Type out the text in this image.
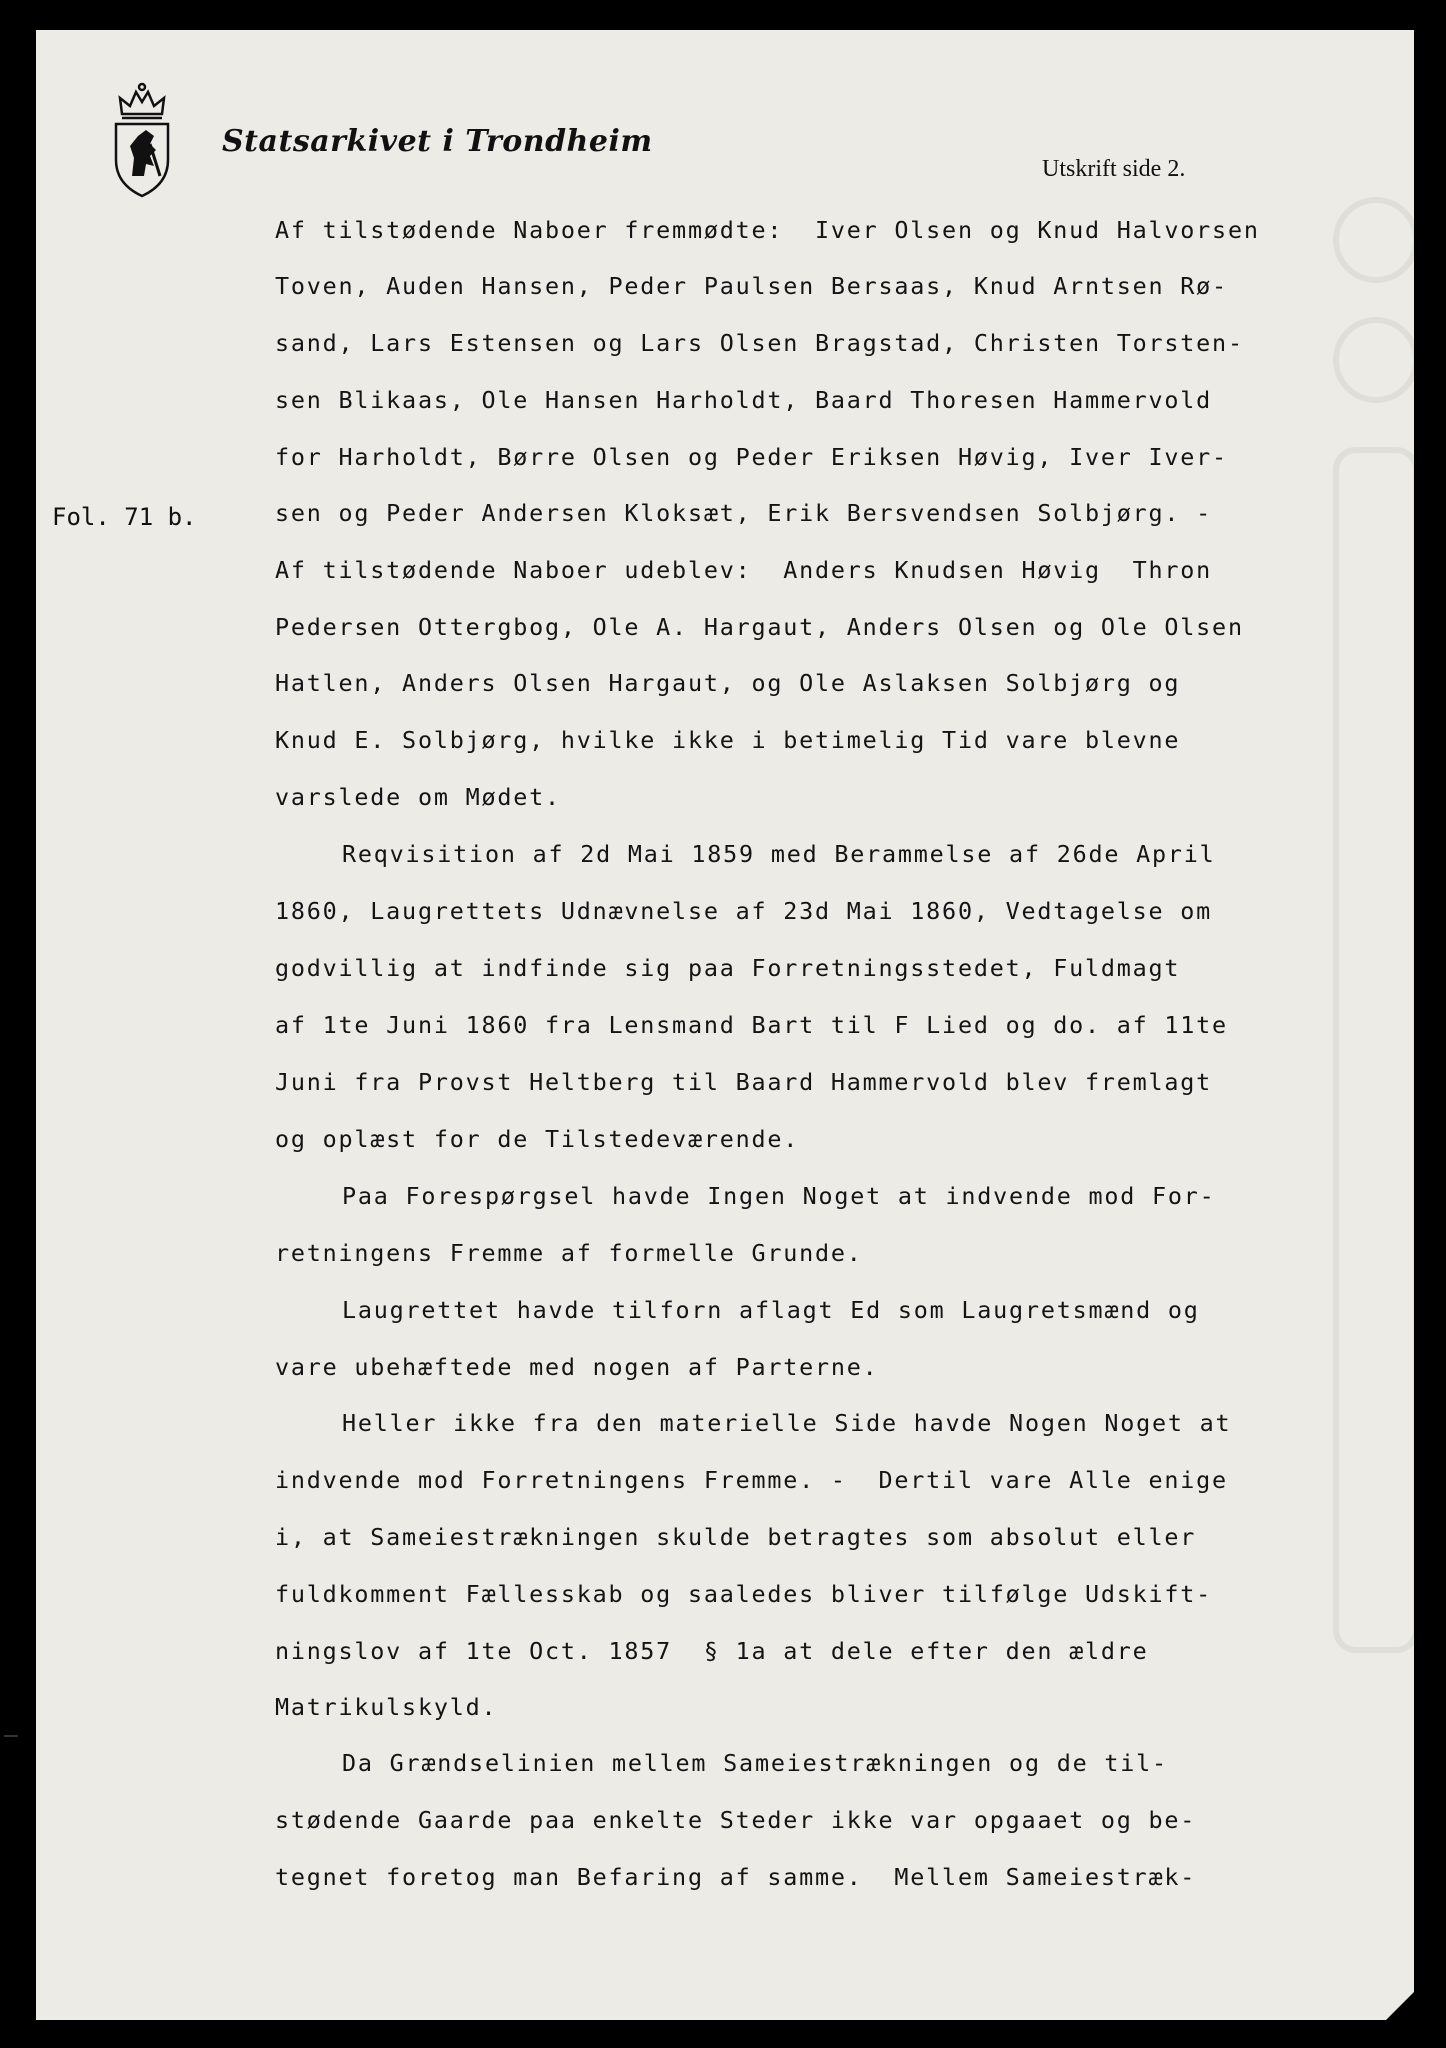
Statsarkivet i Trondheim
Utskrift side 2.
Fol. 71 b.
Af tilstødende Naboer fremmødte:  Iver Olsen og Knud Halvorsen
Toven, Auden Hansen, Peder Paulsen Bersaas, Knud Arntsen Rø-
sand, Lars Estensen og Lars Olsen Bragstad, Christen Torsten-
sen Blikaas, Ole Hansen Harholdt, Baard Thoresen Hammervold
for Harholdt, Børre Olsen og Peder Eriksen Høvig, Iver Iver-
sen og Peder Andersen Kloksæt, Erik Bersvendsen Solbjørg. -
Af tilstødende Naboer udeblev:  Anders Knudsen Høvig  Thron
Pedersen Ottergbog, Ole A. Hargaut, Anders Olsen og Ole Olsen
Hatlen, Anders Olsen Hargaut, og Ole Aslaksen Solbjørg og
Knud E. Solbjørg, hvilke ikke i betimelig Tid vare blevne
varslede om Mødet.
Reqvisition af 2d Mai 1859 med Berammelse af 26de April
1860, Laugrettets Udnævnelse af 23d Mai 1860, Vedtagelse om
godvillig at indfinde sig paa Forretningsstedet, Fuldmagt
af 1te Juni 1860 fra Lensmand Bart til F Lied og do. af 11te
Juni fra Provst Heltberg til Baard Hammervold blev fremlagt
og oplæst for de Tilstedeværende.
Paa Forespørgsel havde Ingen Noget at indvende mod For-
retningens Fremme af formelle Grunde.
Laugrettet havde tilforn aflagt Ed som Laugretsmænd og
vare ubehæftede med nogen af Parterne.
Heller ikke fra den materielle Side havde Nogen Noget at
indvende mod Forretningens Fremme. -  Dertil vare Alle enige
i, at Sameiestrækningen skulde betragtes som absolut eller
fuldkomment Fællesskab og saaledes bliver tilfølge Udskift-
ningslov af 1te Oct. 1857  § 1a at dele efter den ældre
Matrikulskyld.
Da Grændselinien mellem Sameiestrækningen og de til-
stødende Gaarde paa enkelte Steder ikke var opgaaet og be-
tegnet foretog man Befaring af samme.  Mellem Sameiestræk-
